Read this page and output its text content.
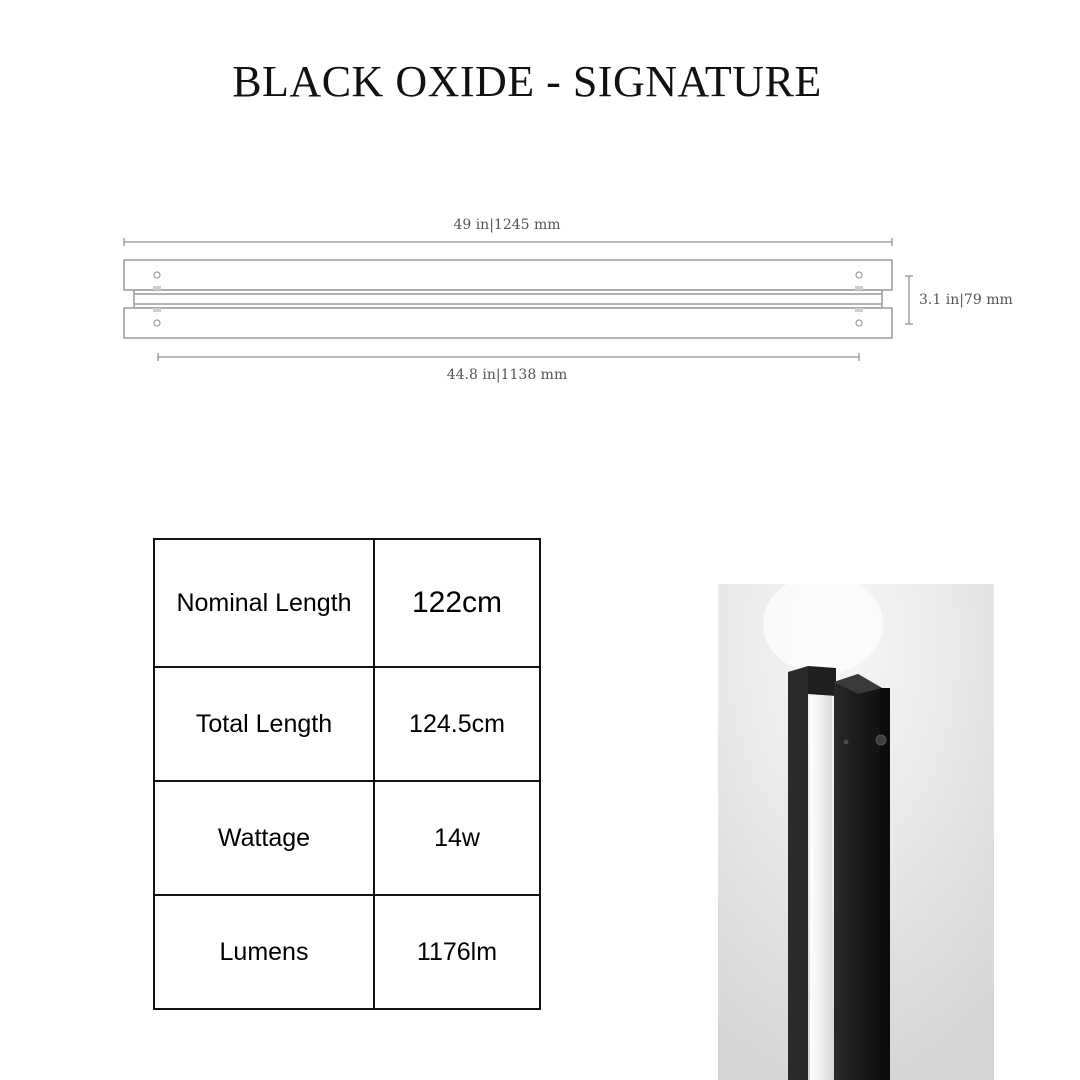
BLACK OXIDE - SIGNATURE
49 in|1245 mm
3.1 in|79 mm
44.8 in|1138 mm
Nominal Length	122cm
Total Length	124.5cm
Wattage	14w
Lumens	1176lm
